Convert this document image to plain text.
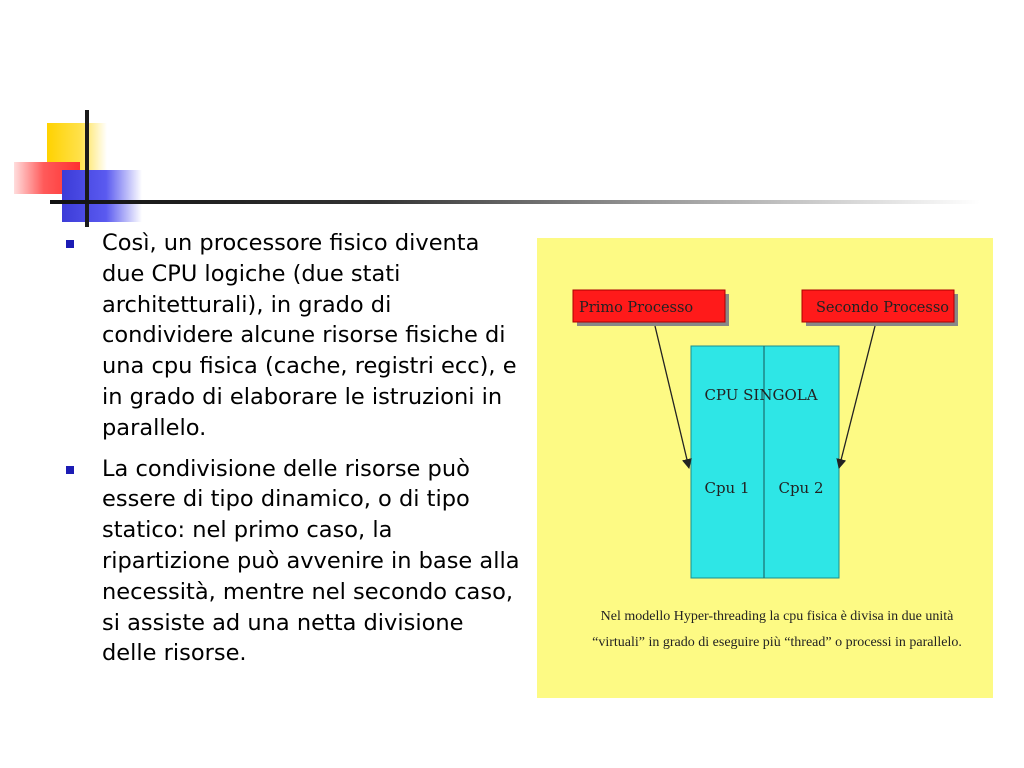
Così, un processore fisico diventa due CPU logiche (due stati architetturali), in grado di condividere alcune risorse fisiche di una cpu fisica (cache, registri ecc), e in grado di elaborare le istruzioni in parallelo.
La condivisione delle risorse può essere di tipo dinamico, o di tipo statico: nel primo caso, la ripartizione può avvenire in base alla necessità, mentre nel secondo caso, si assiste ad una netta divisione delle risorse.
Primo Processo	Secondo Processo
CPU SINGOLA
Cpu 1 Cpu 2
Nel modello Hyper-threading la cpu fisica è divisa in due unità “virtuali” in grado di eseguire più “thread” o processi in parallelo.
